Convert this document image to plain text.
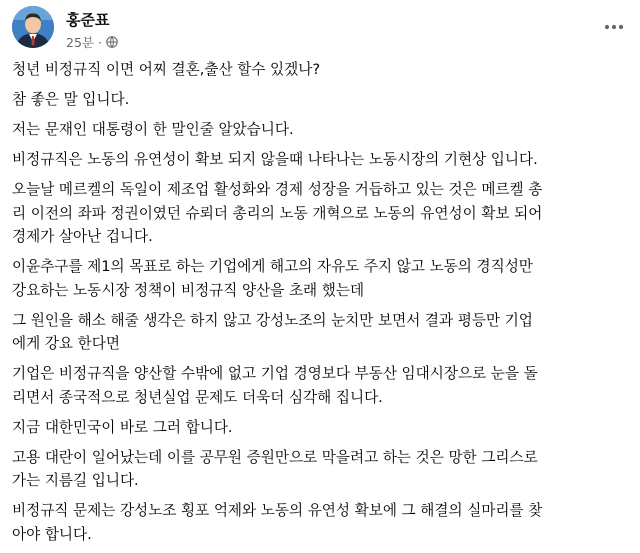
홍준표
25분 ·

청년 비정규직 이면 어찌 결혼,출산 할수 있겠나?

참 좋은 말 입니다.

저는 문재인 대통령이 한 말인줄 알았습니다.

비정규직은 노동의 유연성이 확보 되지 않을때 나타나는 노동시장의 기현상 입니다.

오늘날 메르켈의 독일이 제조업 활성화와 경제 성장을 거듭하고 있는 것은 메르켈 총
리 이전의 좌파 정권이였던 슈뢰더 총리의 노동 개혁으로 노동의 유연성이 확보 되어
경제가 살아난 겁니다.

이윤추구를 제1의 목표로 하는 기업에게 해고의 자유도 주지 않고 노동의 경직성만
강요하는 노동시장 정책이 비정규직 양산을 초래 했는데

그 원인을 해소 해줄 생각은 하지 않고 강성노조의 눈치만 보면서 결과 평등만 기업
에게 강요 한다면

기업은 비정규직을 양산할 수밖에 없고 기업 경영보다 부동산 임대시장으로 눈을 돌
리면서 종국적으로 청년실업 문제도 더욱더 심각해 집니다.

지금 대한민국이 바로 그러 합니다.

고용 대란이 일어났는데 이를 공무원 증원만으로 막을려고 하는 것은 망한 그리스로
가는 지름길 입니다.

비정규직 문제는 강성노조 횡포 억제와 노동의 유연성 확보에 그 해결의 실마리를 찾
아야 합니다.
